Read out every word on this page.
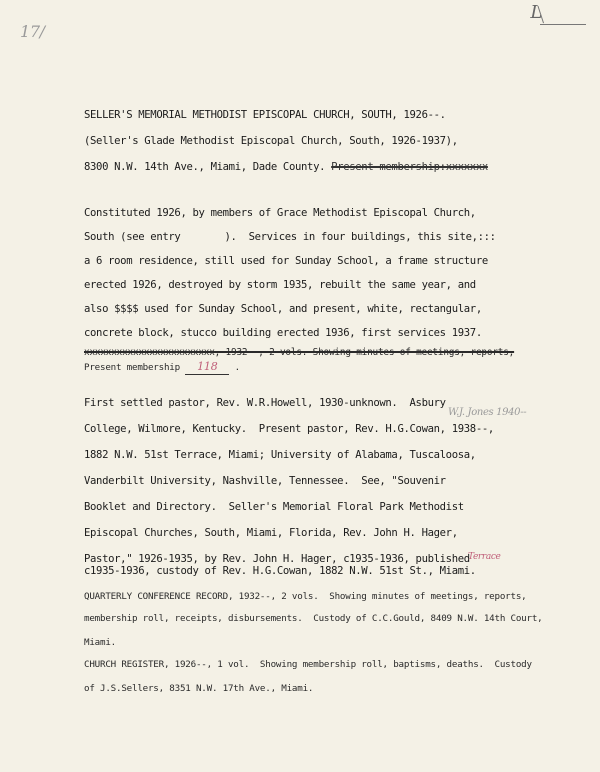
17/
L
SELLER'S MEMORIAL METHODIST EPISCOPAL CHURCH, SOUTH, 1926--.
(Seller's Glade Methodist Episcopal Church, South, 1926-1937),
8300 N.W. 14th Ave., Miami, Dade County. Present membership:xxxxxxx
Constituted 1926, by members of Grace Methodist Episcopal Church,
South (see entry	).  Services in four buildings, this site,:::
a 6 room residence, still used for Sunday School, a frame structure
erected 1926, destroyed by storm 1935, rebuilt the same year, and
also $$$$ used for Sunday School, and present, white, rectangular,
concrete block, stucco building erected 1936, first services 1937.
xxxxxxxxxxxxxxxxxxxxxxxx, 1932--, 2 vols. Showing minutes of meetings, reports,
Present membership 118 .
First settled pastor, Rev. W.R.Howell, 1930-unknown.  Asbury
W.J. Jones 1940--
College, Wilmore, Kentucky.  Present pastor, Rev. H.G.Cowan, 1938--,
1882 N.W. 51st Terrace, Miami; University of Alabama, Tuscaloosa,
Vanderbilt University, Nashville, Tennessee.  See, "Souvenir
Booklet and Directory.  Seller's Memorial Floral Park Methodist
Episcopal Churches, South, Miami, Florida, Rev. John H. Hager,
Pastor," 1926-1935, by Rev. John H. Hager, c1935-1936, published
Terrace
c1935-1936, custody of Rev. H.G.Cowan, 1882 N.W. 51st St., Miami.
QUARTERLY CONFERENCE RECORD, 1932--, 2 vols.  Showing minutes of meetings, reports,
membership roll, receipts, disbursements.  Custody of C.C.Gould, 8409 N.W. 14th Court,
Miami.
CHURCH REGISTER, 1926--, 1 vol.  Showing membership roll, baptisms, deaths.  Custody
of J.S.Sellers, 8351 N.W. 17th Ave., Miami.
